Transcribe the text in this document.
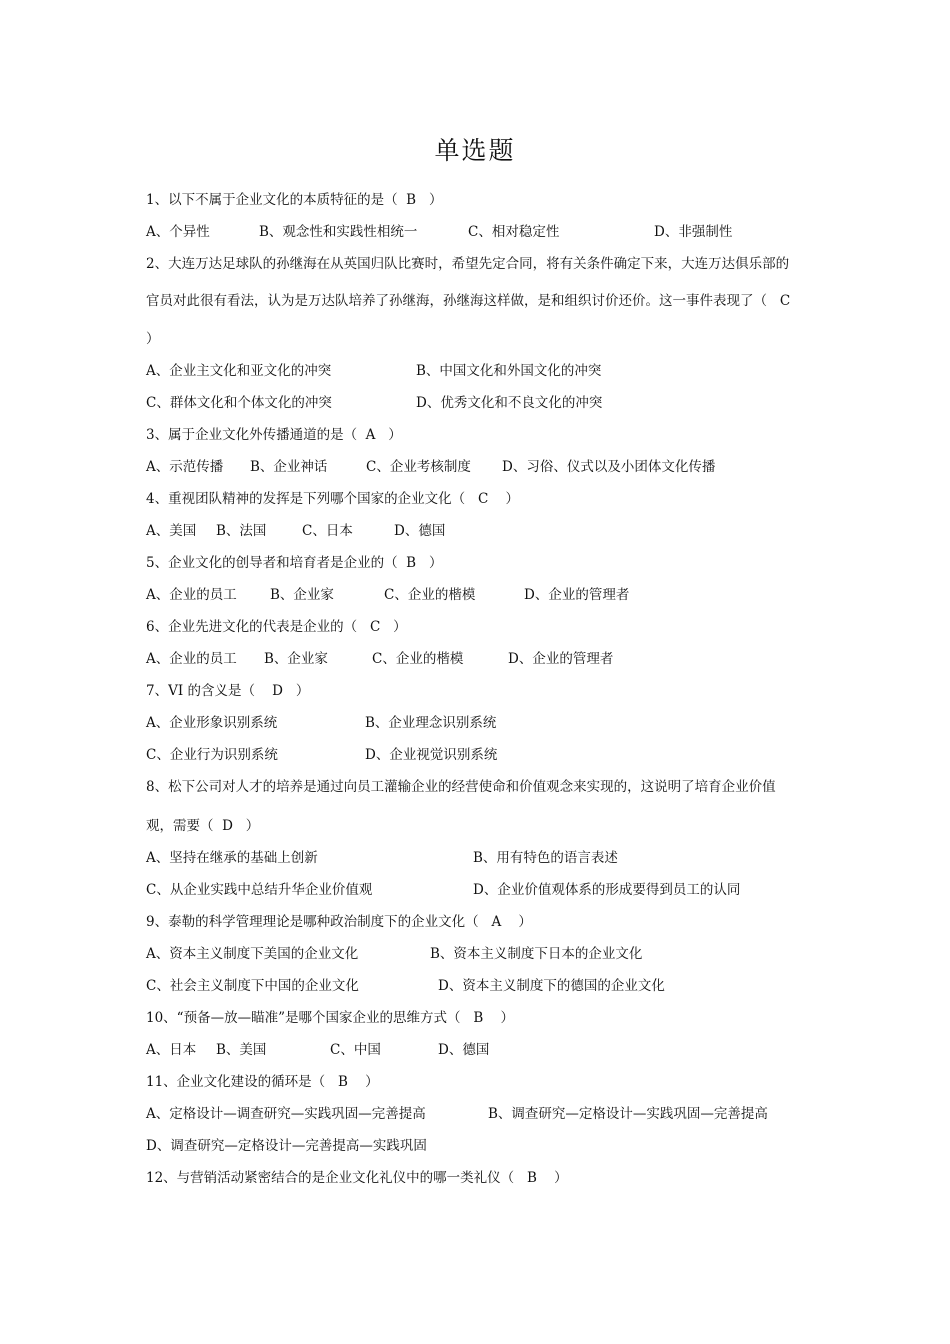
单选题
1、以下不属于企业文化的本质特征的是（  B   ）
A、个异性	B、观念性和实践性相统一	C、相对稳定性	D、非强制性
2、大连万达足球队的孙继海在从英国归队比赛时，希望先定合同，将有关条件确定下来，大连万达俱乐部的
官员对此很有看法，认为是万达队培养了孙继海，孙继海这样做，是和组织讨价还价。这一事件表现了（   C
）
A、企业主文化和亚文化的冲突	B、中国文化和外国文化的冲突
C、群体文化和个体文化的冲突	D、优秀文化和不良文化的冲突
3、属于企业文化外传播通道的是（  A   ）
A、示范传播 B、企业神话	C、企业考核制度 D、习俗、仪式以及小团体文化传播
4、重视团队精神的发挥是下列哪个国家的企业文化（   C    ）
A、美国 B、法国	C、日本	D、德国
5、企业文化的创导者和培育者是企业的（  B   ）
A、企业的员工 B、企业家	C、企业的楷模	D、企业的管理者
6、企业先进文化的代表是企业的（   C   ）
A、企业的员工 B、企业家	C、企业的楷模	D、企业的管理者
7、VI 的含义是（    D   ）
A、企业形象识别系统	B、企业理念识别系统
C、企业行为识别系统	D、企业视觉识别系统
8、松下公司对人才的培养是通过向员工灌输企业的经营使命和价值观念来实现的，这说明了培育企业价值
观，需要（  D   ）
A、坚持在继承的基础上创新	B、用有特色的语言表述
C、从企业实践中总结升华企业价值观	D、企业价值观体系的形成要得到员工的认同
9、泰勒的科学管理理论是哪种政治制度下的企业文化（   A    ）
A、资本主义制度下美国的企业文化	B、资本主义制度下日本的企业文化
C、社会主义制度下中国的企业文化	D、资本主义制度下的德国的企业文化
10、“预备—放—瞄准”是哪个国家企业的思维方式（   B    ）
A、日本 B、美国	C、中国	D、德国
11、企业文化建设的循环是（   B    ）
A、定格设计—调查研究—实践巩固—完善提高	B、调查研究—定格设计—实践巩固—完善提高
D、调查研究—定格设计—完善提高—实践巩固
12、与营销活动紧密结合的是企业文化礼仪中的哪一类礼仪（   B    ）
